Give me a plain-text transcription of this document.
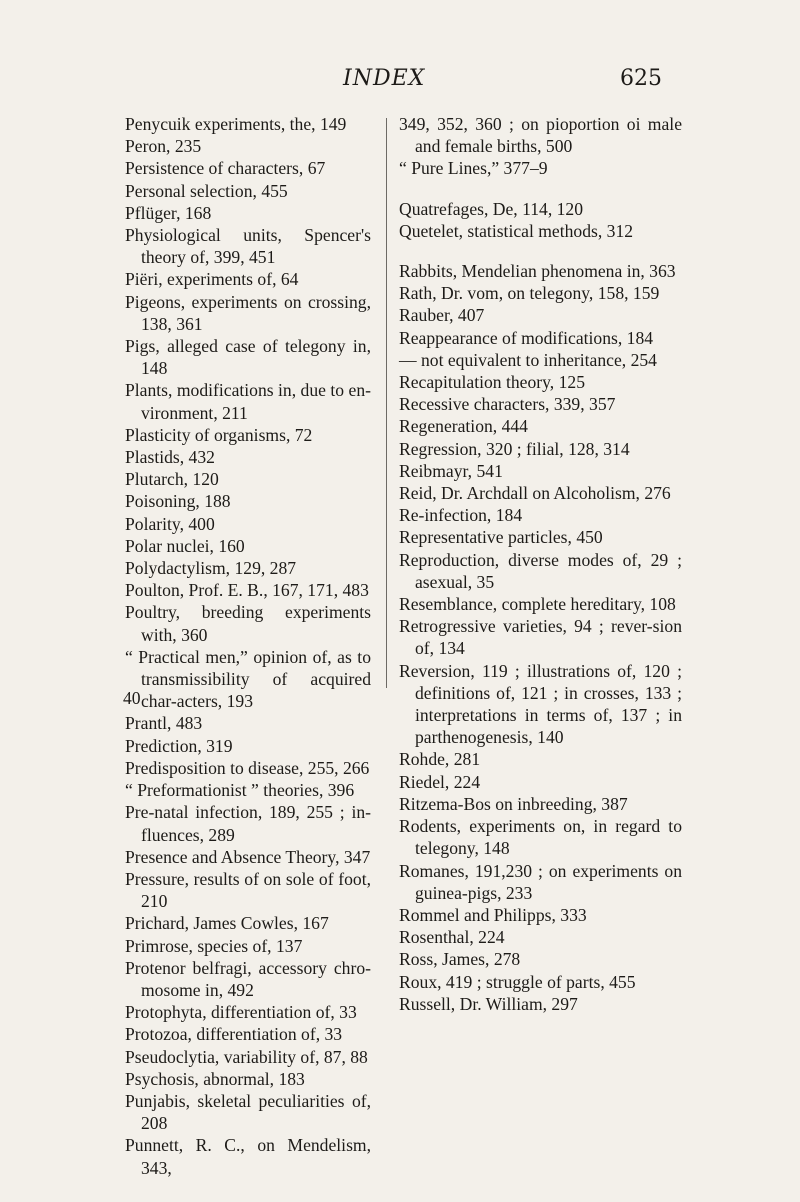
INDEX	625
Penycuik experiments, the, 149
Peron, 235
Persistence of characters, 67
Personal selection, 455
Pflüger, 168
Physiological units, Spencer's theory of, 399, 451
Piëri, experiments of, 64
Pigeons, experiments on crossing, 138, 361
Pigs, alleged case of telegony in, 148
Plants, modifications in, due to en-vironment, 211
Plasticity of organisms, 72
Plastids, 432
Plutarch, 120
Poisoning, 188
Polarity, 400
Polar nuclei, 160
Polydactylism, 129, 287
Poulton, Prof. E. B., 167, 171, 483
Poultry, breeding experiments with, 360
“ Practical men,” opinion of, as to transmissibility of acquired char-acters, 193
Prantl, 483
Prediction, 319
Predisposition to disease, 255, 266
“ Preformationist ” theories, 396
Pre-natal infection, 189, 255 ; in-fluences, 289
Presence and Absence Theory, 347
Pressure, results of on sole of foot, 210
Prichard, James Cowles, 167
Primrose, species of, 137
Protenor belfragi, accessory chro-mosome in, 492
Protophyta, differentiation of, 33
Protozoa, differentiation of, 33
Pseudoclytia, variability of, 87, 88
Psychosis, abnormal, 183
Punjabis, skeletal peculiarities of, 208
Punnett, R. C., on Mendelism, 343,
349, 352, 360 ; on pioportion oi male and female births, 500
“ Pure Lines,” 377–9
Quatrefages, De, 114, 120
Quetelet, statistical methods, 312
Rabbits, Mendelian phenomena in, 363
Rath, Dr. vom, on telegony, 158, 159
Rauber, 407
Reappearance of modifications, 184
— not equivalent to inheritance, 254
Recapitulation theory, 125
Recessive characters, 339, 357
Regeneration, 444
Regression, 320 ; filial, 128, 314
Reibmayr, 541
Reid, Dr. Archdall on Alcoholism, 276
Re-infection, 184
Representative particles, 450
Reproduction, diverse modes of, 29 ; asexual, 35
Resemblance, complete hereditary, 108
Retrogressive varieties, 94 ; rever-sion of, 134
Reversion, 119 ; illustrations of, 120 ; definitions of, 121 ; in crosses, 133 ; interpretations in terms of, 137 ; in parthenogenesis, 140
Rohde, 281
Riedel, 224
Ritzema-Bos on inbreeding, 387
Rodents, experiments on, in regard to telegony, 148
Romanes, 191,230 ; on experiments on guinea-pigs, 233
Rommel and Philipps, 333
Rosenthal, 224
Ross, James, 278
Roux, 419 ; struggle of parts, 455
Russell, Dr. William, 297
40
